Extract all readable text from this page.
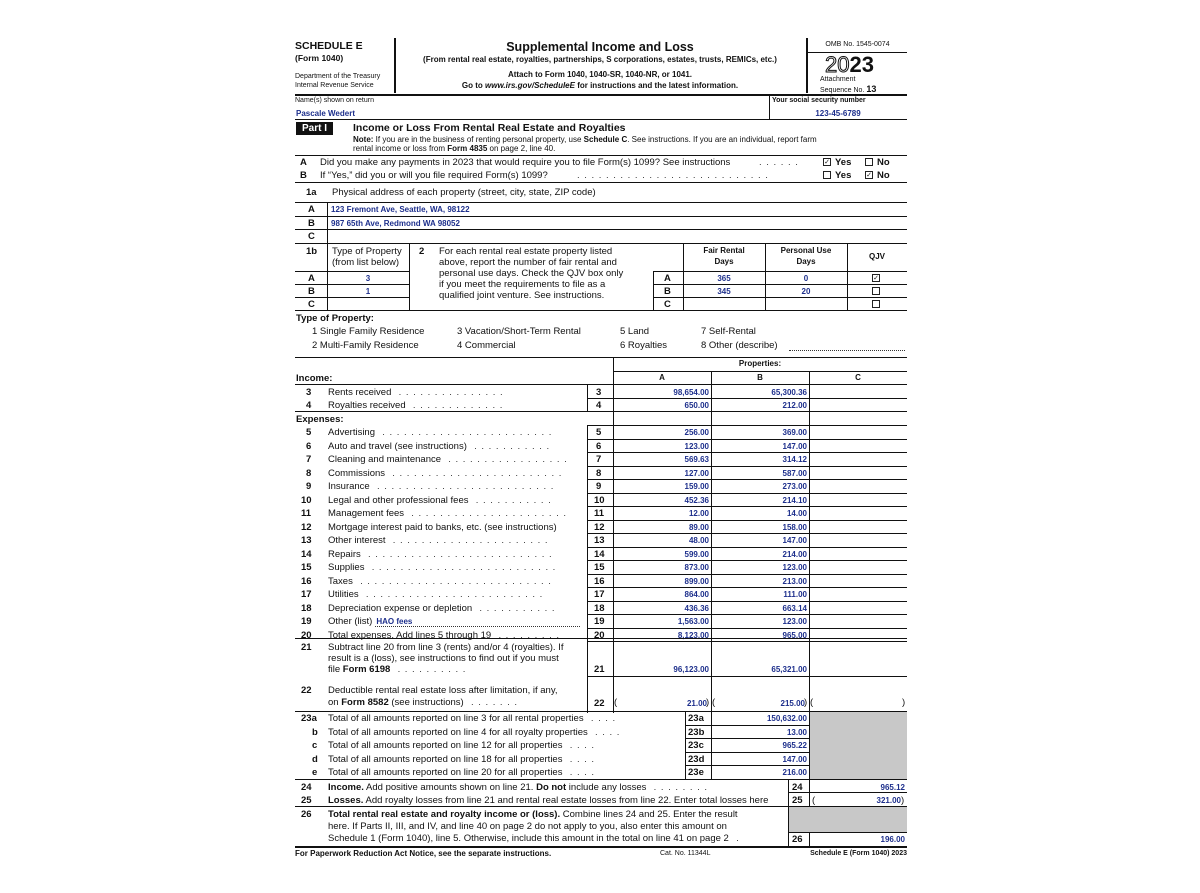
SCHEDULE E
(Form 1040)
Department of the Treasury
Internal Revenue Service
Supplemental Income and Loss
(From rental real estate, royalties, partnerships, S corporations, estates, trusts, REMICs, etc.)
Attach to Form 1040, 1040-SR, 1040-NR, or 1041.
Go to www.irs.gov/ScheduleE for instructions and the latest information.
OMB No. 1545-0074
2023
Attachment
Sequence No. 13
Name(s) shown on return
Pascale Wedert
Your social security number
123-45-6789
Part I	Income or Loss From Rental Real Estate and Royalties
Note: If you are in the business of renting personal property, use Schedule C. See instructions. If you are an individual, report farm
rental income or loss from Form 4835 on page 2, line 40.
A Did you make any payments in 2023 that would require you to file Form(s) 1099? See instructions	......	✓ Yes	No
B If “Yes,” did you or will you file required Form(s) 1099?	...........................	Yes ✓ No
1a Physical address of each property (street, city, state, ZIP code)
A 123 Fremont Ave, Seattle, WA, 98122
B 987 65th Ave, Redmond WA 98052
C
1b Type of Property
(from list below)
2 For each rental real estate property listed
above, report the number of fair rental and
personal use days. Check the QJV box only
if you meet the requirements to file as a
qualified joint venture. See instructions.
Fair Rental
Days
Personal Use
Days
QJV
A	3	A	365	0	✓
B	1	B	345	20
C	C
Type of Property:
1 Single Family Residence
2 Multi-Family Residence
3 Vacation/Short-Term Rental
4 Commercial
5 Land
6 Royalties
7 Self-Rental
8 Other (describe)
Properties:
Income:	A	B	C
3 Rents received ...............	3	98,654.00	65,300.36
4 Royalties received .............	4	650.00	212.00
Expenses:
5 Advertising ........................	5	256.00	369.00
6 Auto and travel (see instructions) ...........	6	123.00	147.00
7 Cleaning and maintenance .................	7	569.63	314.12
8 Commissions ........................	8	127.00	587.00
9 Insurance .........................	9	159.00	273.00
10 Legal and other professional fees ...........	10	452.36	214.10
11 Management fees ...................... 11	12.00	14.00
12 Mortgage interest paid to banks, etc. (see instructions)	12	89.00	158.00
13 Other interest ......................	13	48.00	147.00
14 Repairs ..........................	14	599.00	214.00
15 Supplies ..........................	15	873.00	123.00
16 Taxes ...........................	16	899.00	213.00
17 Utilities .........................	17	864.00	111.00
18 Depreciation expense or depletion ...........	18	436.36	663.14
19 Other (list) HAO fees	19	1,563.00	123.00
20 Total expenses. Add lines 5 through 19 .........	20	8,123.00	965.00
21 Subtract line 20 from line 3 (rents) and/or 4 (royalties). If
result is a (loss), see instructions to find out if you must
file Form 6198 ..........	21	96,123.00	65,321.00
22 Deductible rental real estate loss after limitation, if any,
on Form 8582 (see instructions) .......	22 (	21.00 ) (	215.00 ) (	)
23a Total of all amounts reported on line 3 for all rental properties ....	23a	150,632.00
b Total of all amounts reported on line 4 for all royalty properties ....	23b	13.00
c Total of all amounts reported on line 12 for all properties ....	23c	965.22
d Total of all amounts reported on line 18 for all properties ....	23d	147.00
e Total of all amounts reported on line 20 for all properties ....	23e	216.00
24 Income. Add positive amounts shown on line 21. Do not include any losses ........	24	965.12
25 Losses. Add royalty losses from line 21 and rental real estate losses from line 22. Enter total losses here 25 (	321.00 )
26 Total rental real estate and royalty income or (loss). Combine lines 24 and 25. Enter the result
here. If Parts II, III, and IV, and line 40 on page 2 do not apply to you, also enter this amount on
Schedule 1 (Form 1040), line 5. Otherwise, include this amount in the total on line 41 on page 2 .	26	196.00
For Paperwork Reduction Act Notice, see the separate instructions.	Cat. No. 11344L	Schedule E (Form 1040) 2023
